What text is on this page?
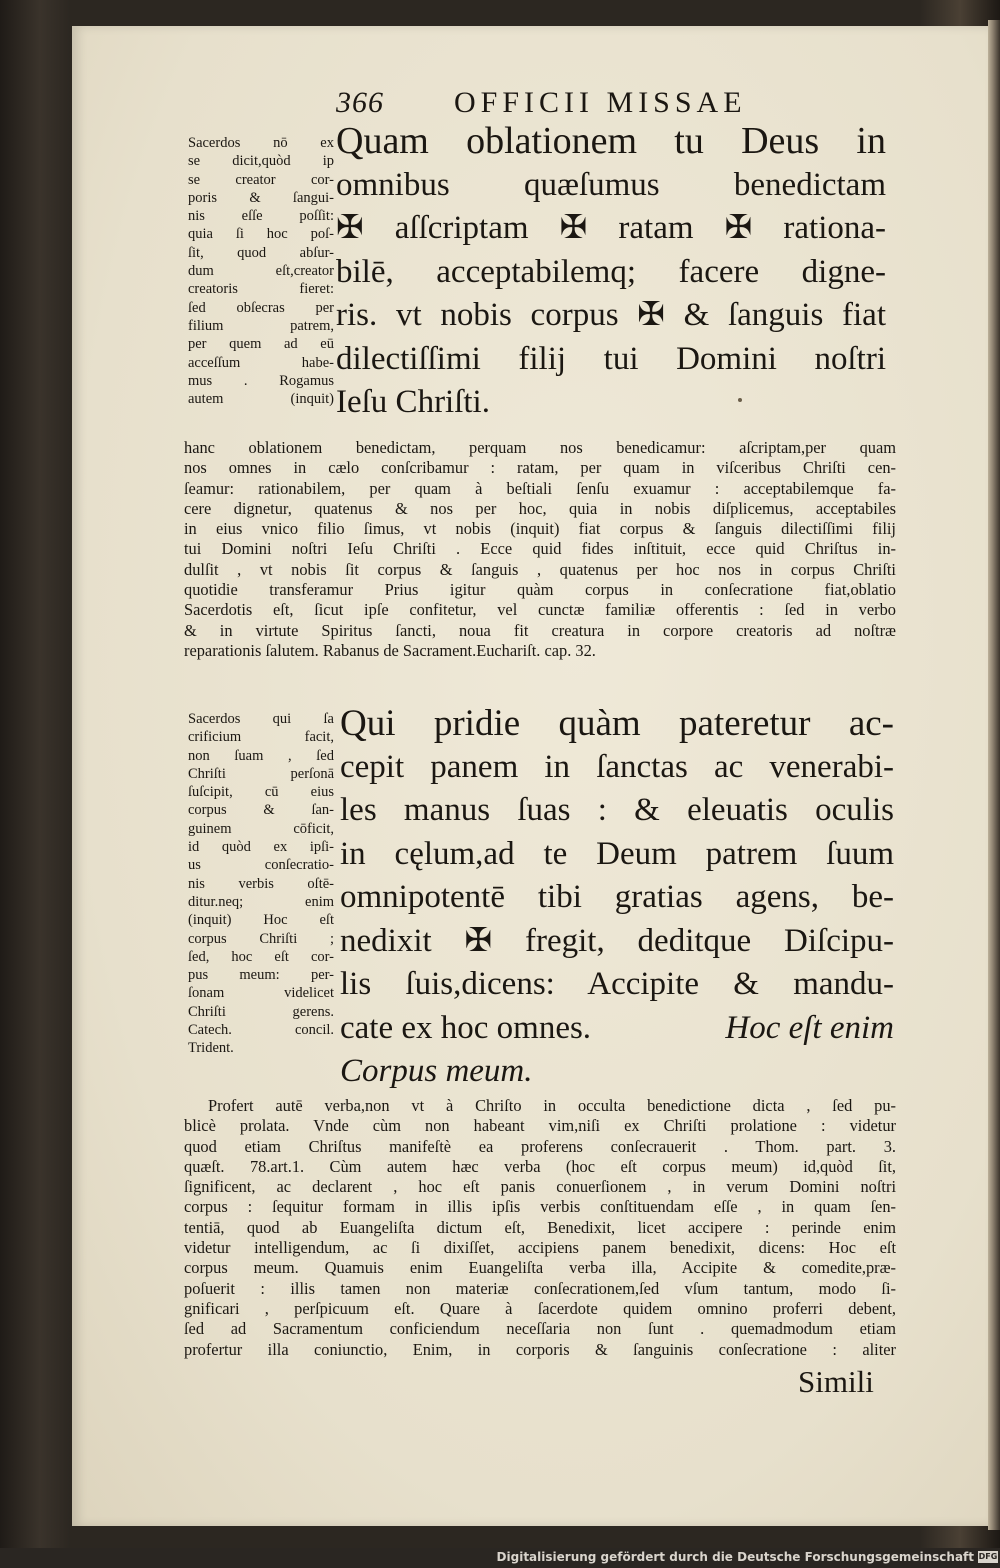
366 OFFICII MISSAE
Sacerdos nō ex
se dicit,quòd ip
se creator cor-
poris & ſangui-
nis eſſe poſſit:
quia ſi hoc poſ-
ſit, quod abſur-
dum eſt,creator
creatoris fieret:
ſed obſecras per
filium patrem,
per quem ad eū
acceſſum habe-
mus . Rogamus
autem (inquit)
Quam oblationem tu Deus in
omnibus quæſumus benedictam
✠ aſſcriptam ✠ ratam ✠ rationa-
bilē, acceptabilemq; facere digne-
ris. vt nobis corpus ✠ & ſanguis fiat
dilectiſſimi filij tui Domini noſtri
Ieſu Chriſti.
hanc oblationem benedictam, perquam nos benedicamur: aſcriptam,per quam
nos omnes in cælo conſcribamur : ratam, per quam in viſceribus Chriſti cen-
ſeamur: rationabilem, per quam à beſtiali ſenſu exuamur : acceptabilemque fa-
cere dignetur, quatenus & nos per hoc, quia in nobis diſplicemus, acceptabiles
in eius vnico filio ſimus, vt nobis (inquit) fiat corpus & ſanguis dilectiſſimi filij
tui Domini noſtri Ieſu Chriſti . Ecce quid fides inſtituit, ecce quid Chriſtus in-
dulſit , vt nobis ſit corpus & ſanguis , quatenus per hoc nos in corpus Chriſti
quotidie transferamur Prius igitur quàm corpus in conſecratione fiat,oblatio
Sacerdotis eſt, ſicut ipſe confitetur, vel cunctæ familiæ offerentis : ſed in verbo
& in virtute Spiritus ſancti, noua fit creatura in corpore creatoris ad noſtræ
reparationis ſalutem. Rabanus de Sacrament.Euchariſt. cap. 32.
Sacerdos qui ſa
crificium facit,
non ſuam , ſed
Chriſti perſonā
ſuſcipit, cū eius
corpus & ſan-
guinem cōficit,
id quòd ex ipſi-
us conſecratio-
nis verbis oſtē-
ditur.neq; enim
(inquit) Hoc eſt
corpus Chriſti ;
ſed, hoc eſt cor-
pus meum: per-
ſonam videlicet
Chriſti gerens.
Catech. concil.
Trident.
Qui pridie quàm pateretur ac-
cepit panem in ſanctas ac venerabi-
les manus ſuas : & eleuatis oculis
in cęlum,ad te Deum patrem ſuum
omnipotentē tibi gratias agens, be-
nedixit ✠ fregit, deditque Diſcipu-
lis ſuis,dicens: Accipite & mandu-
cate ex hoc omnes.	Hoc eſt enim
Corpus meum.
Profert autē verba,non vt à Chriſto in occulta benedictione dicta , ſed pu-
blicè prolata. Vnde cùm non habeant vim,niſi ex Chriſti prolatione : videtur
quod etiam Chriſtus manifeſtè ea proferens conſecrauerit . Thom. part. 3.
quæſt. 78.art.1. Cùm autem hæc verba (hoc eſt corpus meum) id,quòd ſit,
ſignificent, ac declarent , hoc eſt panis conuerſionem , in verum Domini noſtri
corpus : ſequitur formam in illis ipſis verbis conſtituendam eſſe , in quam ſen-
tentiā, quod ab Euangeliſta dictum eſt, Benedixit, licet accipere : perinde enim
videtur intelligendum, ac ſi dixiſſet, accipiens panem benedixit, dicens: Hoc eſt
corpus meum. Quamuis enim Euangeliſta verba illa, Accipite & comedite,præ-
poſuerit : illis tamen non materiæ conſecrationem,ſed vſum tantum, modo ſi-
gnificari , perſpicuum eſt. Quare à ſacerdote quidem omnino proferri debent,
ſed ad Sacramentum conficiendum neceſſaria non ſunt . quemadmodum etiam
profertur illa coniunctio, Enim, in corporis & ſanguinis conſecratione : aliter
Simili
Digitalisierung gefördert durch die Deutsche Forschungsgemeinschaft DFG
